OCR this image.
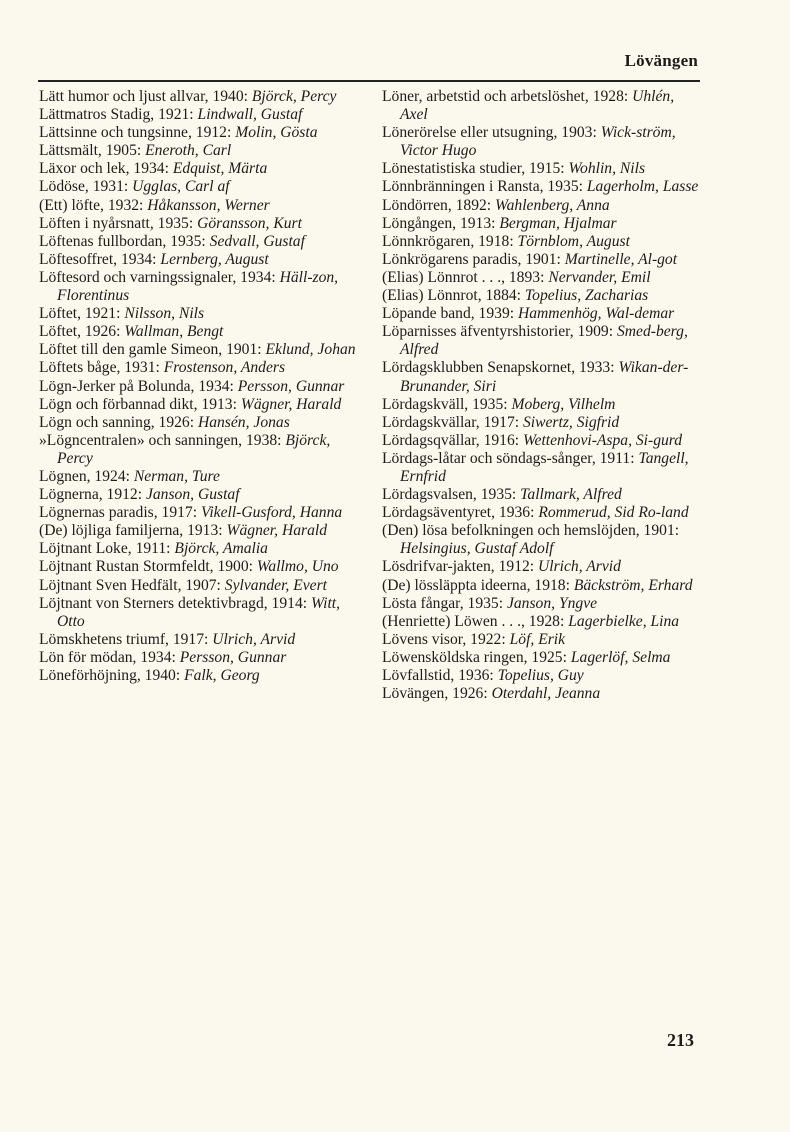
Lövängen

Lätt humor och ljust allvar, 1940: Björck, Percy

Lättmatros Stadig, 1921: Lindwall, Gustaf

Lättsinne och tungsinne, 1912: Molin, Gösta

Lättsmält, 1905: Eneroth, Carl

Läxor och lek, 1934: Edquist, Märta

Lödöse, 1931: Ugglas, Carl af

(Ett) löfte, 1932: Håkansson, Werner

Löften i nyårsnatt, 1935: Göransson, Kurt

Löftenas fullbordan, 1935: Sedvall, Gustaf

Löftesoffret, 1934: Lernberg, August

Löftesord och varningssignaler, 1934: Häll-zon, Florentinus

Löftet, 1921: Nilsson, Nils

Löftet, 1926: Wallman, Bengt

Löftet till den gamle Simeon, 1901: Eklund, Johan

Löftets båge, 1931: Frostenson, Anders

Lögn-Jerker på Bolunda, 1934: Persson, Gunnar

Lögn och förbannad dikt, 1913: Wägner, Harald

Lögn och sanning, 1926: Hansén, Jonas

»Lögncentralen» och sanningen, 1938: Björck, Percy

Lögnen, 1924: Nerman, Ture

Lögnerna, 1912: Janson, Gustaf

Lögnernas paradis, 1917: Vikell-Gusford, Hanna

(De) löjliga familjerna, 1913: Wägner, Harald

Löjtnant Loke, 1911: Björck, Amalia

Löjtnant Rustan Stormfeldt, 1900: Wallmo, Uno

Löjtnant Sven Hedfält, 1907: Sylvander, Evert

Löjtnant von Sterners detektivbragd, 1914: Witt, Otto

Lömskhetens triumf, 1917: Ulrich, Arvid

Lön för mödan, 1934: Persson, Gunnar

Löneförhöjning, 1940: Falk, Georg

Löner, arbetstid och arbetslöshet, 1928: Uhlén, Axel

Lönerörelse eller utsugning, 1903: Wick-ström, Victor Hugo

Lönestatistiska studier, 1915: Wohlin, Nils

Lönnbränningen i Ransta, 1935: Lagerholm, Lasse

Löndörren, 1892: Wahlenberg, Anna

Löngången, 1913: Bergman, Hjalmar

Lönnkrögaren, 1918: Törnblom, August

Lönkrögarens paradis, 1901: Martinelle, Al-got

(Elias) Lönnrot . . ., 1893: Nervander, Emil

(Elias) Lönnrot, 1884: Topelius, Zacharias

Löpande band, 1939: Hammenhög, Wal-demar

Löparnisses äfventyrshistorier, 1909: Smed-berg, Alfred

Lördagsklubben Senapskornet, 1933: Wikan-der-Brunander, Siri

Lördagskväll, 1935: Moberg, Vilhelm

Lördagskvällar, 1917: Siwertz, Sigfrid

Lördagsqvällar, 1916: Wettenhovi-Aspa, Si-gurd

Lördags-låtar och söndags-sånger, 1911: Tangell, Ernfrid

Lördagsvalsen, 1935: Tallmark, Alfred

Lördagsäventyret, 1936: Rommerud, Sid Ro-land

(Den) lösa befolkningen och hemslöjden, 1901: Helsingius, Gustaf Adolf

Lösdrifvar-jakten, 1912: Ulrich, Arvid

(De) lössläppta ideerna, 1918: Bäckström, Erhard

Lösta fångar, 1935: Janson, Yngve

(Henriette) Löwen . . ., 1928: Lagerbielke, Lina

Lövens visor, 1922: Löf, Erik

Löwensköldska ringen, 1925: Lagerlöf, Selma

Lövfallstid, 1936: Topelius, Guy

Lövängen, 1926: Oterdahl, Jeanna

213
